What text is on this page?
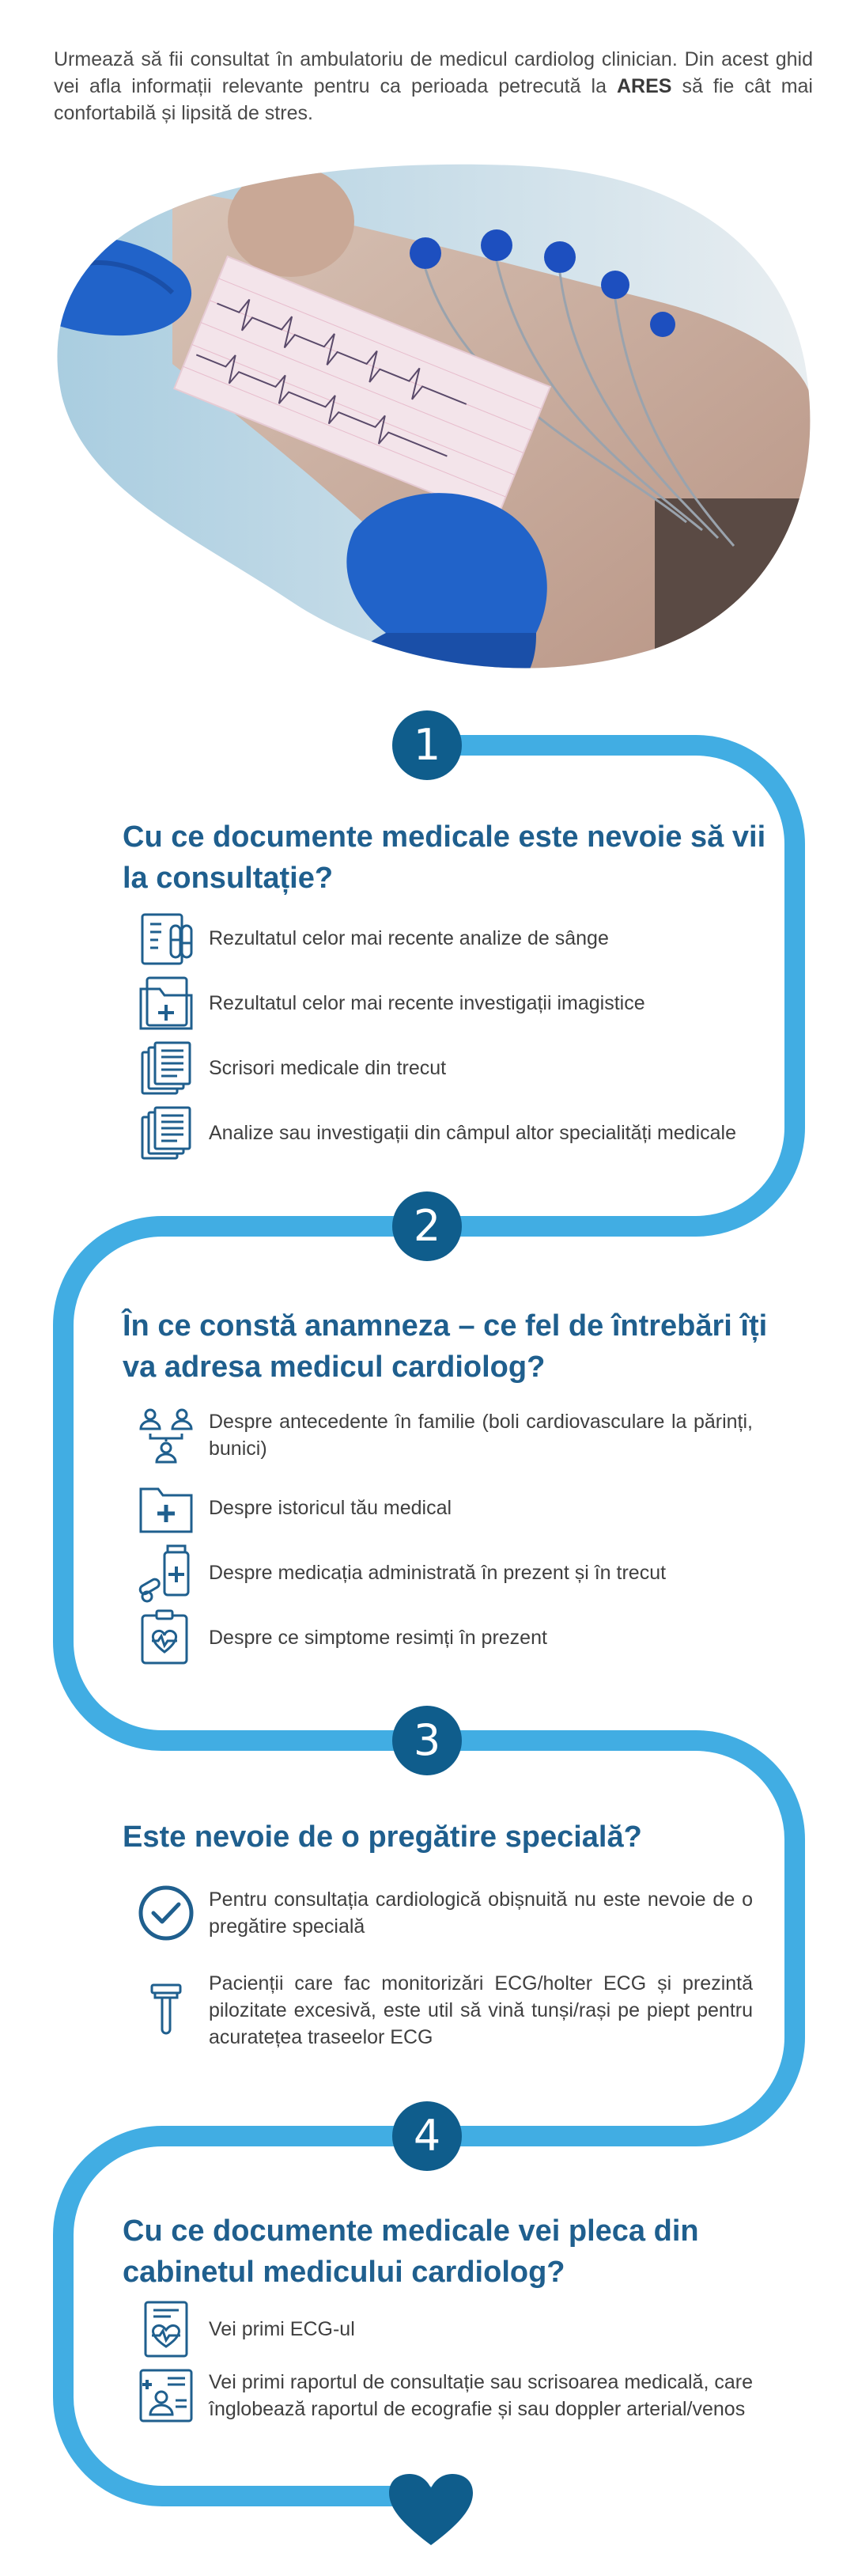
Urmează să fii consultat în ambulatoriu de medicul cardiolog clinician. Din acest ghid vei afla informații relevante pentru ca perioada petrecută la ARES să fie cât mai confortabilă și lipsită de stres.
1
2
3
4
Cu ce documente medicale este nevoie să vii la consultație?
Rezultatul celor mai recente analize de sânge
Rezultatul celor mai recente investigații imagistice
Scrisori medicale din trecut
Analize sau investigații din câmpul altor specialități medicale
În ce constă anamneza – ce fel de întrebări îți va adresa medicul cardiolog?
Despre antecedente în familie (boli cardiovasculare la părinți, bunici)
Despre istoricul tău medical
Despre medicația administrată în prezent și în trecut
Despre ce simptome resimți în prezent
Este nevoie de o pregătire specială?
Pentru consultația cardiologică obișnuită nu este nevoie de o pregătire specială
Pacienții care fac monitorizări ECG/holter ECG și prezintă pilozitate excesivă, este util să vină tunși/rași pe piept pentru acuratețea traseelor ECG
Cu ce documente medicale vei pleca din cabinetul medicului cardiolog?
Vei primi ECG-ul
Vei primi raportul de consultație sau scrisoarea medicală, care înglobează raportul de ecografie și sau doppler arterial/venos
